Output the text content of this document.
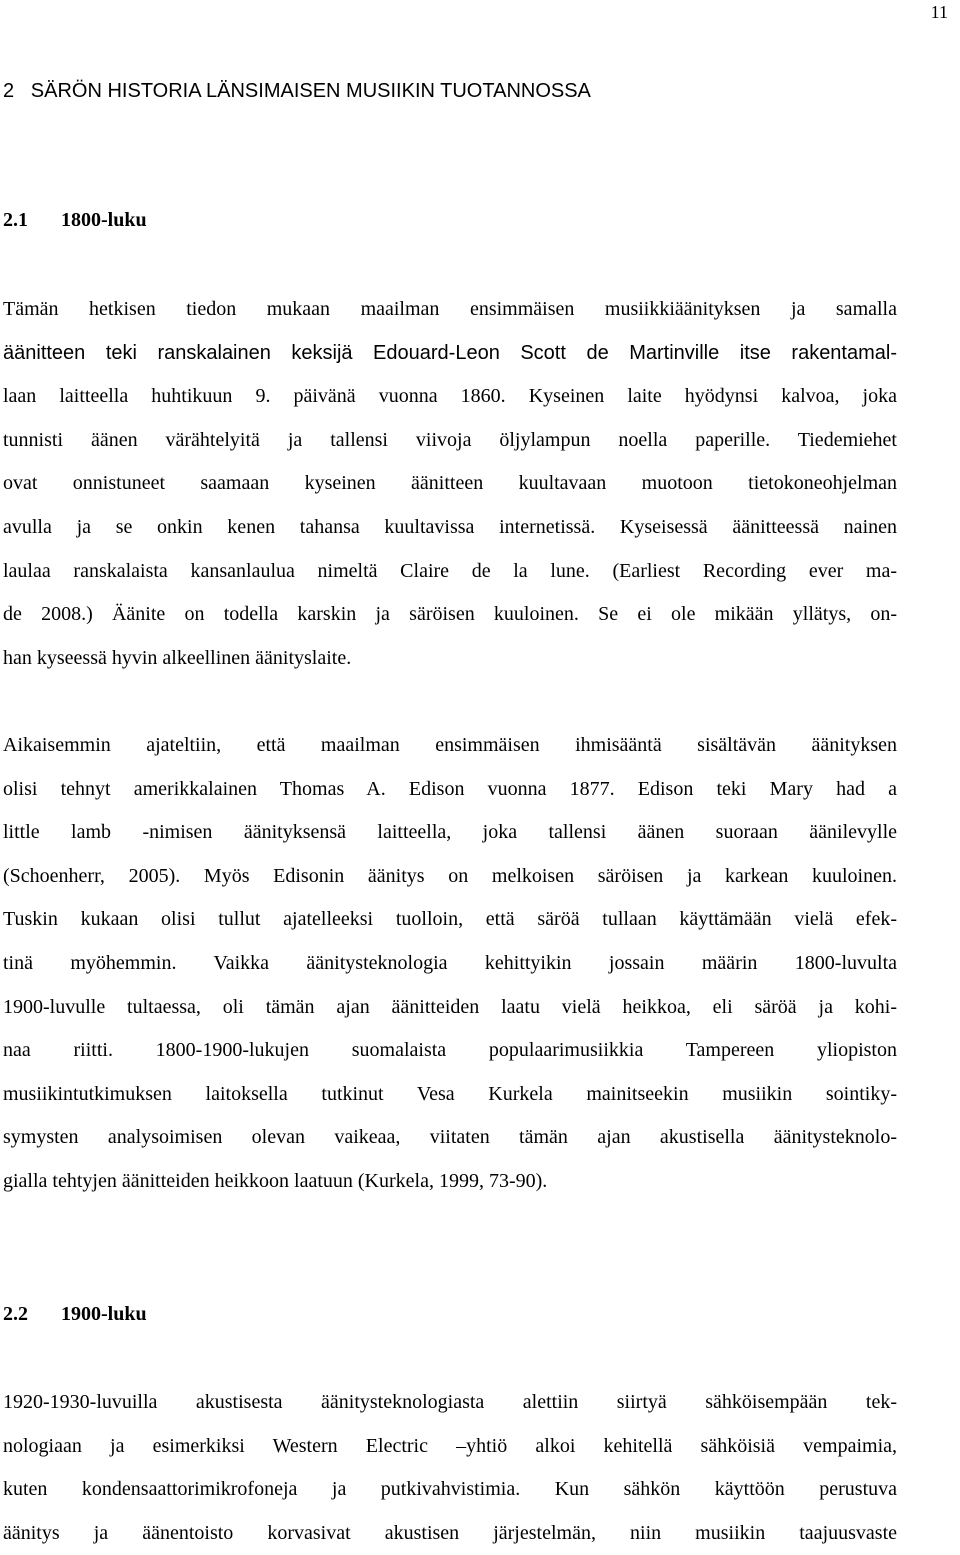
11
2   SÄRÖN HISTORIA LÄNSIMAISEN MUSIIKIN TUOTANNOSSA
2.1 1800-luku
Tämän hetkisen tiedon mukaan maailman ensimmäisen musiikkiäänityksen ja samalla
äänitteen teki ranskalainen keksijä Edouard-Leon Scott de Martinville itse rakentamal-
laan laitteella huhtikuun 9. päivänä vuonna 1860. Kyseinen laite hyödynsi kalvoa, joka
tunnisti äänen värähtelyitä ja tallensi viivoja öljylampun noella paperille. Tiedemiehet
ovat onnistuneet saamaan kyseinen äänitteen kuultavaan muotoon tietokoneohjelman
avulla ja se onkin kenen tahansa kuultavissa internetissä. Kyseisessä äänitteessä nainen
laulaa ranskalaista kansanlaulua nimeltä Claire de la lune. (Earliest Recording ever ma-
de 2008.) Äänite on todella karskin ja säröisen kuuloinen. Se ei ole mikään yllätys, on-
han kyseessä hyvin alkeellinen äänityslaite.
Aikaisemmin ajateltiin, että maailman ensimmäisen ihmisääntä sisältävän äänityksen
olisi tehnyt amerikkalainen Thomas A. Edison vuonna 1877. Edison teki Mary had a
little lamb -nimisen äänityksensä laitteella, joka tallensi äänen suoraan äänilevylle
(Schoenherr, 2005). Myös Edisonin äänitys on melkoisen säröisen ja karkean kuuloinen.
Tuskin kukaan olisi tullut ajatelleeksi tuolloin, että säröä tullaan käyttämään vielä efek-
tinä myöhemmin. Vaikka äänitysteknologia kehittyikin jossain määrin 1800-luvulta
1900-luvulle tultaessa, oli tämän ajan äänitteiden laatu vielä heikkoa, eli säröä ja kohi-
naa riitti. 1800-1900-lukujen suomalaista populaarimusiikkia Tampereen yliopiston
musiikintutkimuksen laitoksella tutkinut Vesa Kurkela mainitseekin musiikin sointiky-
symysten analysoimisen olevan vaikeaa, viitaten tämän ajan akustisella äänitysteknolo-
gialla tehtyjen äänitteiden heikkoon laatuun (Kurkela, 1999, 73-90).
2.2 1900-luku
1920-1930-luvuilla akustisesta äänitysteknologiasta alettiin siirtyä sähköisempään tek-
nologiaan ja esimerkiksi Western Electric –yhtiö alkoi kehitellä sähköisiä vempaimia,
kuten kondensaattorimikrofoneja ja putkivahvistimia. Kun sähkön käyttöön perustuva
äänitys ja äänentoisto korvasivat akustisen järjestelmän, niin musiikin taajuusvaste
